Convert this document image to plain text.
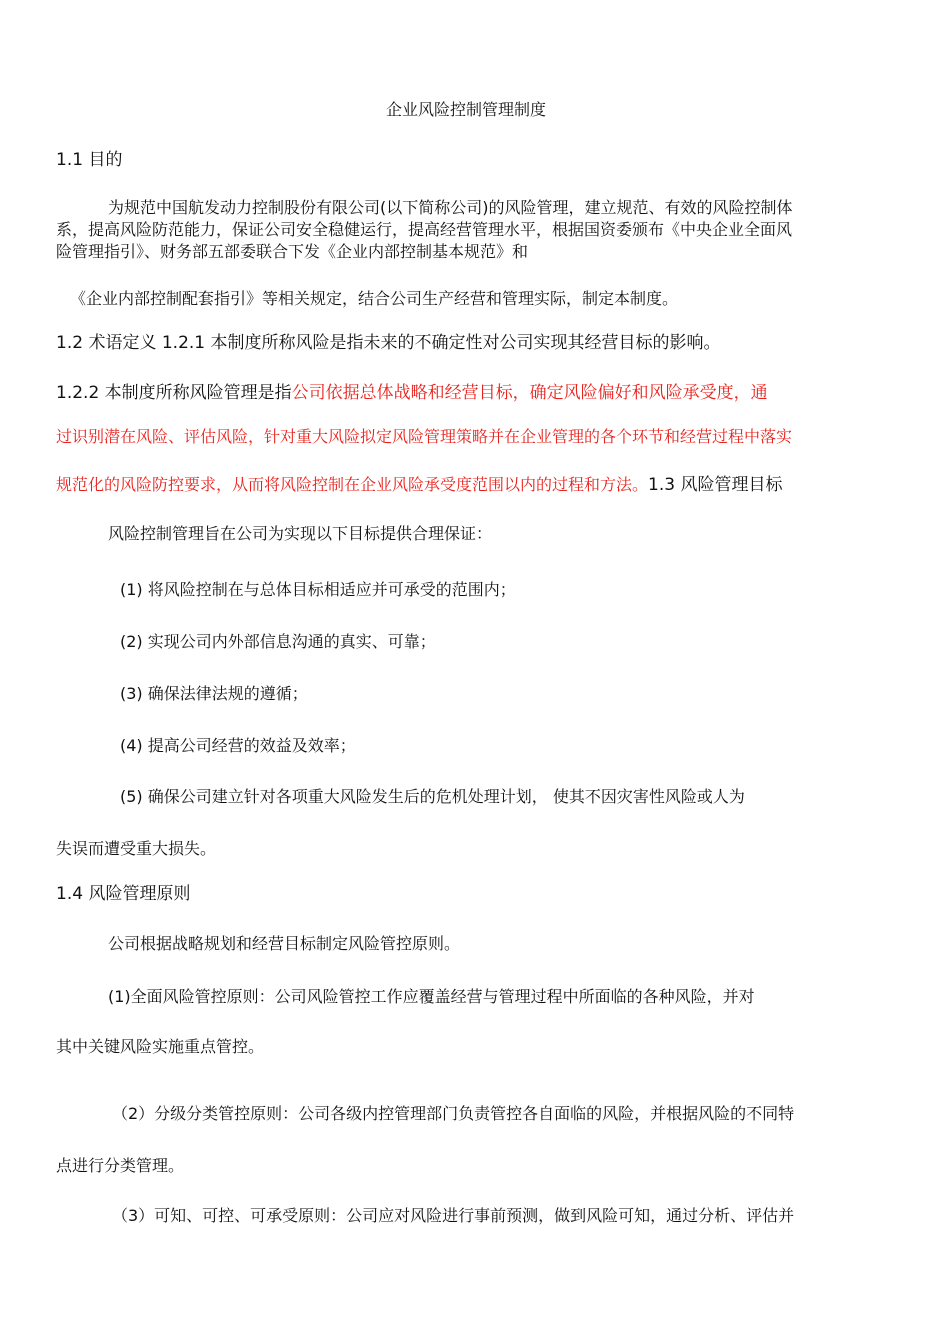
企业风险控制管理制度
1.1 目的
为规范中国航发动力控制股份有限公司(以下简称公司)的风险管理，建立规范、有效的风险控制体
系，提高风险防范能力，保证公司安全稳健运行，提高经营管理水平，根据国资委颁布《中央企业全面风
险管理指引》、财务部五部委联合下发《企业内部控制基本规范》和
《企业内部控制配套指引》等相关规定，结合公司生产经营和管理实际，制定本制度。
1.2 术语定义 1.2.1 本制度所称风险是指未来的不确定性对公司实现其经营目标的影响。
1.2.2 本制度所称风险管理是指公司依据总体战略和经营目标，确定风险偏好和风险承受度，通
过识别潜在风险、评估风险，针对重大风险拟定风险管理策略并在企业管理的各个环节和经营过程中落实
规范化的风险防控要求，从而将风险控制在企业风险承受度范围以内的过程和方法。1.3 风险管理目标
风险控制管理旨在公司为实现以下目标提供合理保证：
(1) 将风险控制在与总体目标相适应并可承受的范围内；
(2) 实现公司内外部信息沟通的真实、可靠；
(3) 确保法律法规的遵循；
(4) 提高公司经营的效益及效率；
(5) 确保公司建立针对各项重大风险发生后的危机处理计划， 使其不因灾害性风险或人为
失误而遭受重大损失。
1.4 风险管理原则
公司根据战略规划和经营目标制定风险管控原则。
(1)全面风险管控原则：公司风险管控工作应覆盖经营与管理过程中所面临的各种风险，并对
其中关键风险实施重点管控。
（2）分级分类管控原则：公司各级内控管理部门负责管控各自面临的风险，并根据风险的不同特
点进行分类管理。
（3）可知、可控、可承受原则：公司应对风险进行事前预测，做到风险可知，通过分析、评估并
